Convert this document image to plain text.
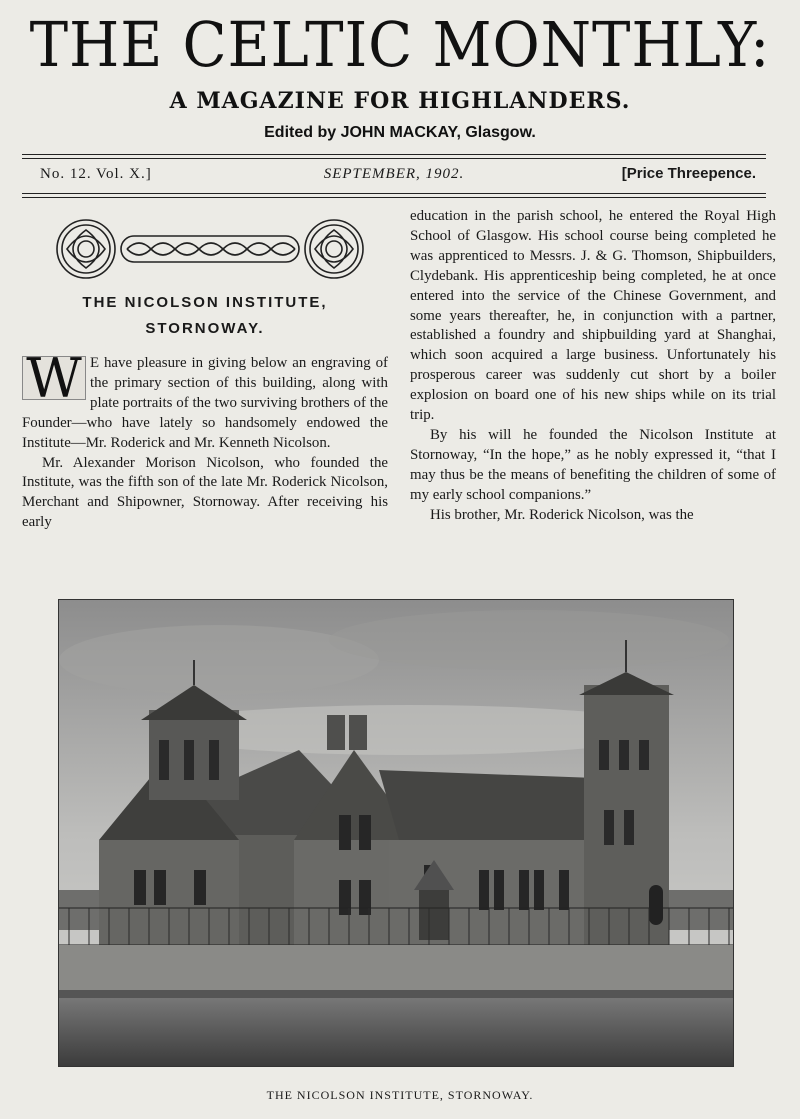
THE CELTIC MONTHLY:
A MAGAZINE FOR HIGHLANDERS.
Edited by JOHN MACKAY, Glasgow.
No. 12. Vol. X.]	SEPTEMBER, 1902.	[Price Threepence.
THE NICOLSON INSTITUTE,
STORNOWAY.

W E have pleasure in giving below an engraving of the primary section of this building, along with plate portraits of the two surviving brothers of the Founder—who have lately so handsomely endowed the Institute—Mr. Roderick and Mr. Kenneth Nicolson.

Mr. Alexander Morison Nicolson, who founded the Institute, was the fifth son of the late Mr. Roderick Nicolson, Merchant and Shipowner, Stornoway. After receiving his early

education in the parish school, he entered the Royal High School of Glasgow. His school course being completed he was apprenticed to Messrs. J. & G. Thomson, Shipbuilders, Clydebank. His apprenticeship being completed, he at once entered into the service of the Chinese Government, and some years thereafter, he, in conjunction with a partner, established a foundry and shipbuilding yard at Shanghai, which soon acquired a large business. Unfortunately his prosperous career was suddenly cut short by a boiler explosion on board one of his new ships while on its trial trip.

By his will he founded the Nicolson Institute at Stornoway, “In the hope,” as he nobly expressed it, “that I may thus be the means of benefiting the children of some of my early school companions.”

His brother, Mr. Roderick Nicolson, was the

THE NICOLSON INSTITUTE, STORNOWAY.
